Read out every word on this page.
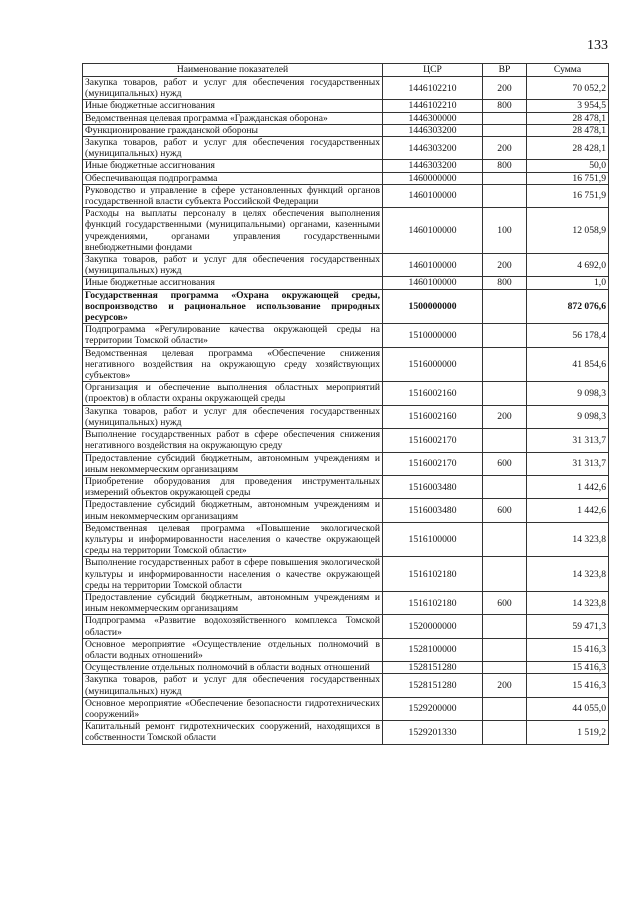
133
Наименование показателей	ЦСР	ВР	Сумма
Закупка товаров, работ и услуг для обеспечения государственных (муниципальных) нужд	1446102210	200	70 052,2
Иные бюджетные ассигнования	1446102210	800	3 954,5
Ведомственная целевая программа «Гражданская оборона»	1446300000		28 478,1
Функционирование гражданской обороны	1446303200		28 478,1
Закупка товаров, работ и услуг для обеспечения государственных (муниципальных) нужд	1446303200	200	28 428,1
Иные бюджетные ассигнования	1446303200	800	50,0
Обеспечивающая подпрограмма	1460000000		16 751,9
Руководство и управление в сфере установленных функций органов государственной власти субъекта Российской Федерации	1460100000		16 751,9
Расходы на выплаты персоналу в целях обеспечения выполнения функций государственными (муниципальными) органами, казенными учреждениями, органами управления государственными внебюджетными фондами	1460100000	100	12 058,9
Закупка товаров, работ и услуг для обеспечения государственных (муниципальных) нужд	1460100000	200	4 692,0
Иные бюджетные ассигнования	1460100000	800	1,0
Государственная программа «Охрана окружающей среды, воспроизводство и рациональное использование природных ресурсов»	1500000000		872 076,6
Подпрограмма «Регулирование качества окружающей среды на территории Томской области»	1510000000		56 178,4
Ведомственная целевая программа «Обеспечение снижения негативного воздействия на окружающую среду хозяйствующих субъектов»	1516000000		41 854,6
Организация и обеспечение выполнения областных мероприятий (проектов) в области охраны окружающей среды	1516002160		9 098,3
Закупка товаров, работ и услуг для обеспечения государственных (муниципальных) нужд	1516002160	200	9 098,3
Выполнение государственных работ в сфере обеспечения снижения негативного воздействия на окружающую среду	1516002170		31 313,7
Предоставление субсидий бюджетным, автономным учреждениям и иным некоммерческим организациям	1516002170	600	31 313,7
Приобретение оборудования для проведения инструментальных измерений объектов окружающей среды	1516003480		1 442,6
Предоставление субсидий бюджетным, автономным учреждениям и иным некоммерческим организациям	1516003480	600	1 442,6
Ведомственная целевая программа «Повышение экологической культуры и информированности населения о качестве окружающей среды на территории Томской области»	1516100000		14 323,8
Выполнение государственных работ в сфере повышения экологической культуры и информированности населения о качестве окружающей среды на территории Томской области	1516102180		14 323,8
Предоставление субсидий бюджетным, автономным учреждениям и иным некоммерческим организациям	1516102180	600	14 323,8
Подпрограмма «Развитие водохозяйственного комплекса Томской области»	1520000000		59 471,3
Основное мероприятие «Осуществление отдельных полномочий в области водных отношений»	1528100000		15 416,3
Осуществление отдельных полномочий в области водных отношений	1528151280		15 416,3
Закупка товаров, работ и услуг для обеспечения государственных (муниципальных) нужд	1528151280	200	15 416,3
Основное мероприятие «Обеспечение безопасности гидротехнических сооружений»	1529200000		44 055,0
Капитальный ремонт гидротехнических сооружений, находящихся в собственности Томской области	1529201330		1 519,2
